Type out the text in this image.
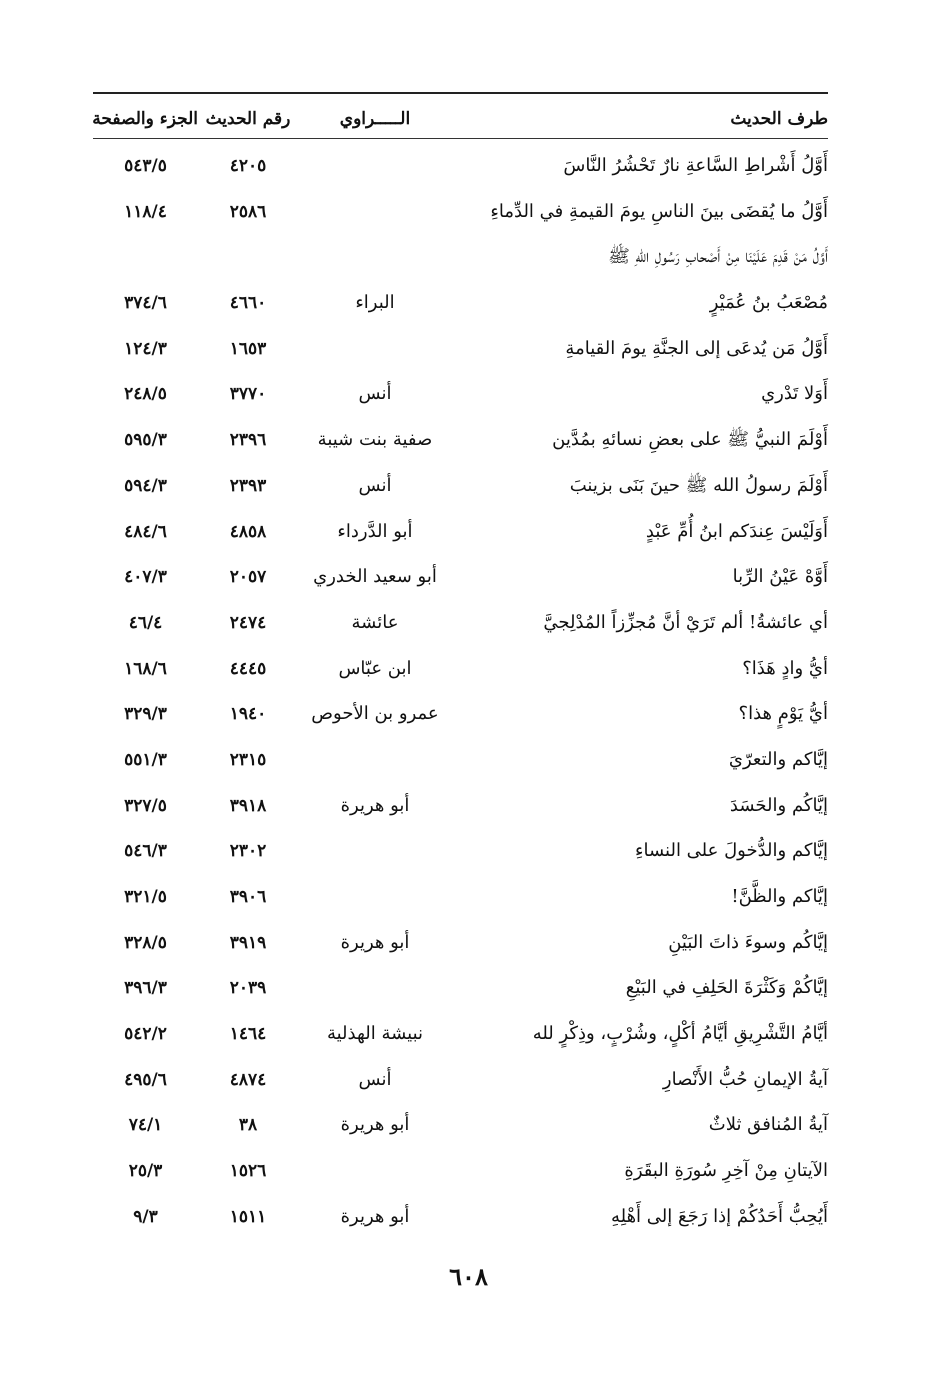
طرف الحديث
الـــــراوي
رقم الحديث
الجزء والصفحة
أَوَّلُ أَشْراطِ السَّاعةِ نارٌ تَحْشُرُ النَّاسَ
٤٢٠٥
٥٤٣/٥
أَوَّلُ ما يُقضَى بينَ الناسِ يومَ القيمةِ في الدِّماءِ
٢٥٨٦
١١٨/٤
أَوَّلُ مَنْ قَدِمَ عَلَيْنَا مِنْ أَصْحابِ رَسُولِ اللهِ ﷺ
مُصْعَبُ بنُ عُمَيْرٍ
البراء
٤٦٦٠
٣٧٤/٦
أَوَّلُ مَن يُدعَى إلى الجنَّةِ يومَ القيامةِ
١٦٥٣
١٢٤/٣
أَوَلا تَدْري
أنس
٣٧٧٠
٢٤٨/٥
أَوْلَمَ النبيُّ ﷺ على بعضِ نسائهِ بمُدَّين
صفية بنت شيبة
٢٣٩٦
٥٩٥/٣
أَوْلَمَ رسولُ الله ﷺ حينَ بَنَى بزينبَ
أنس
٢٣٩٣
٥٩٤/٣
أَوَلَيْسَ عِندَكم ابنُ أُمِّ عَبْدٍ
أبو الدَّرداء
٤٨٥٨
٤٨٤/٦
أَوَّهْ عَيْنُ الرِّبا
أبو سعيد الخدري
٢٠٥٧
٤٠٧/٣
أي عائشةُ! ألم تَرَيْ أنَّ مُجزِّزاً المُدْلِجيَّ
عائشة
٢٤٧٤
٤٦/٤
أيُّ وادٍ هَذَا؟
ابن عبّاس
٤٤٤٥
١٦٨/٦
أيُّ يَوْمٍ هذا؟
عمرو بن الأحوص
١٩٤٠
٣٢٩/٣
إيَّاكم والتعرّيَ
٢٣١٥
٥٥١/٣
إيَّاكُم والحَسَدَ
أبو هريرة
٣٩١٨
٣٢٧/٥
إيَّاكم والدُّخولَ على النساءِ
٢٣٠٢
٥٤٦/٣
إيَّاكم والظَّنَّ!
٣٩٠٦
٣٢١/٥
إيَّاكُم وسوءَ ذاتَ البَيْنِ
أبو هريرة
٣٩١٩
٣٢٨/٥
إيَّاكُمْ وَكَثْرَةَ الحَلِفِ في البَيْعِ
٢٠٣٩
٣٩٦/٣
أيَّامُ التَّشْرِيقِ أيَّامُ أكْلٍ، وشُرْبٍ، وذِكْرٍ لله
نبيشة الهذلية
١٤٦٤
٥٤٢/٢
آيةُ الإيمانِ حُبُّ الأَنْصارِ
أنس
٤٨٧٤
٤٩٥/٦
آيةُ المُنافق ثلاثٌ
أبو هريرة
٣٨
٧٤/١
الآيتانِ مِنْ آخِرِ سُورَةِ البقَرَةِ
١٥٢٦
٢٥/٣
أَيُحِبُّ أَحَدُكُمْ إذا رَجَعَ إلى أَهْلِهِ
أبو هريرة
١٥١١
٩/٣
٦٠٨
